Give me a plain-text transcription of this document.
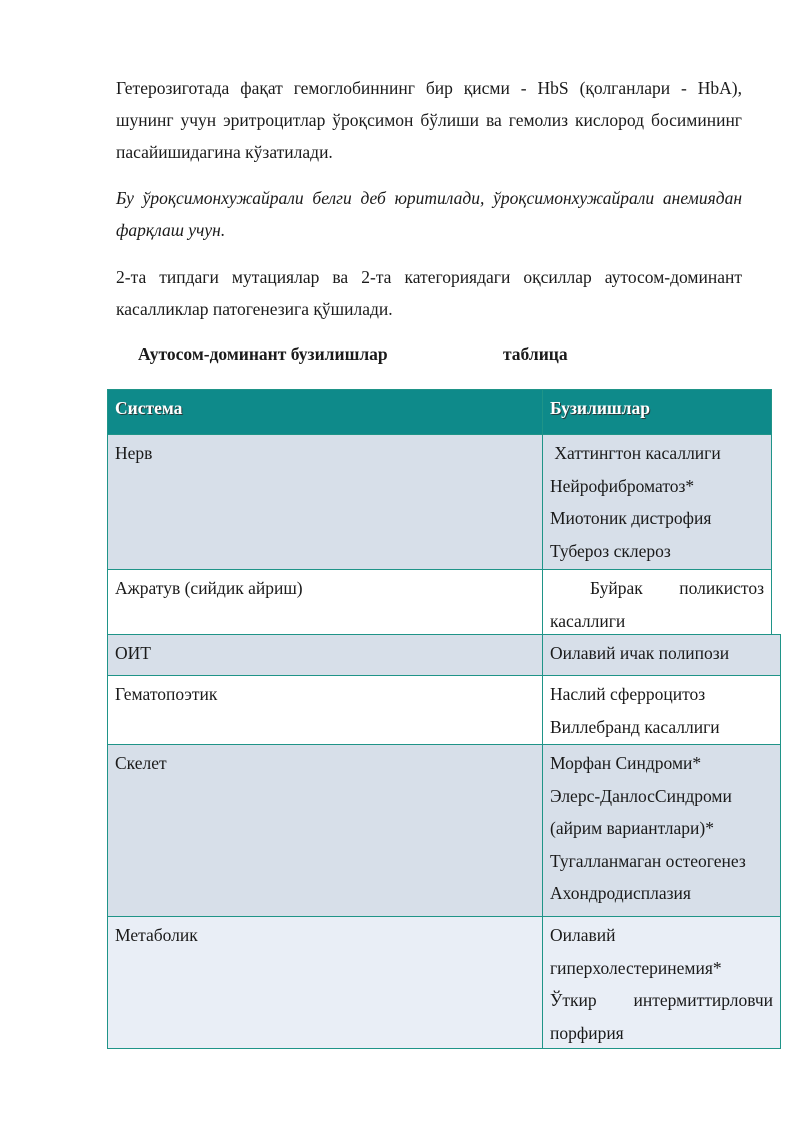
Гетерозиготада фақат гемоглобиннинг бир қисми - HbS (қолганлари - HbA), шунинг учун эритроцитлар ўроқсимон бўлиши ва гемолиз кислород босимининг пасайишидагина кўзатилади.

Бу ўроқсимонхужайрали белги деб юритилади, ўроқсимонхужайрали анемиядан фарқлаш учун.

2-та типдаги мутациялар ва 2-та категориядаги оқсиллар аутосом-доминант касалликлар патогенезига қўшилади.

Аутосом-доминант бузилишлар	таблица
Система	Бузилишлар
Нерв	Хаттингтон касаллиги
Нейрофиброматоз*
Миотоник дистрофия
Туберoз склероз
Ажратув (сийдик айриш)	Буйрак поликистоз
касаллиги
ОИТ	Оилавий ичак полипози
Гематопоэтик	Наслий сферроцитоз
Виллебранд касаллиги
Скелет	Морфан Синдроми*
Элерс-ДанлосСиндроми
(айрим вариантлари)*
Тугалланмаган остеогенез
Ахондродисплазия
Метаболик	Оилавий
гиперхолестеринемия*
Ўткир интермиттирловчи
порфирия
